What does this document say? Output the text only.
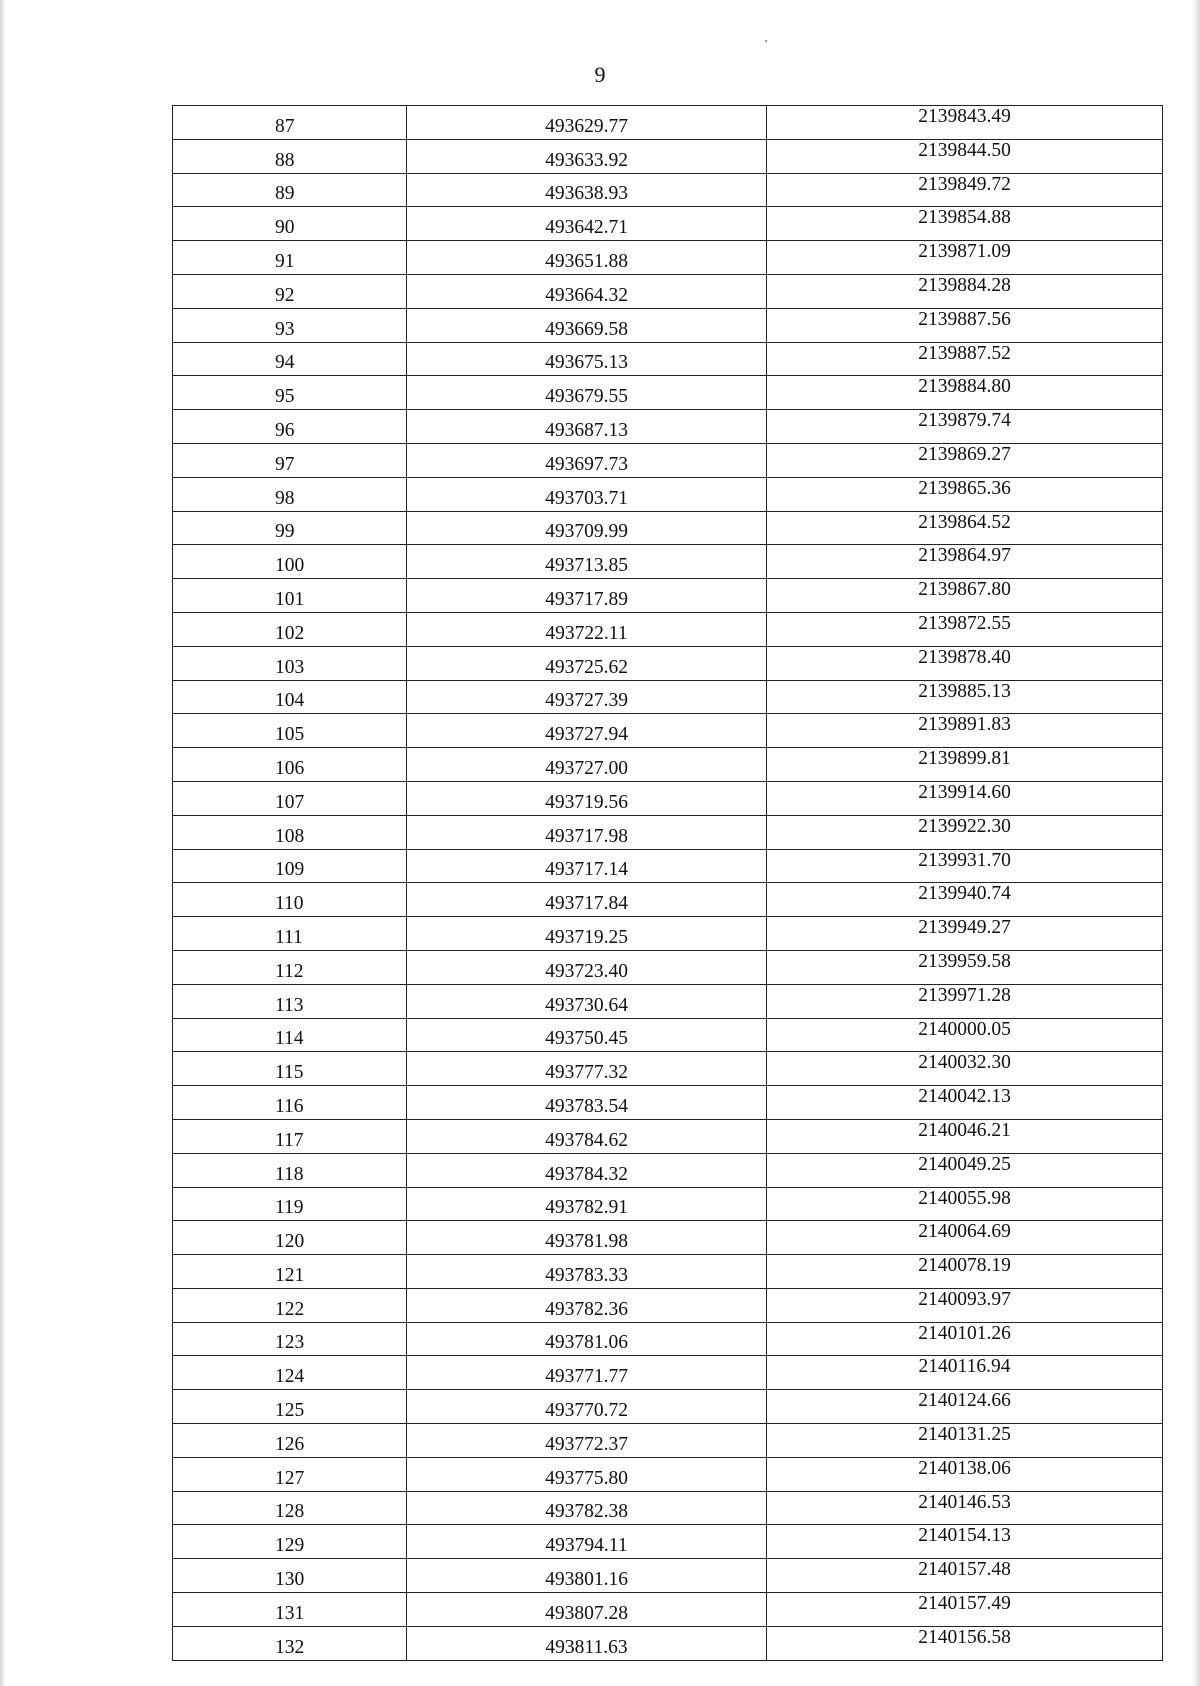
9
87	493629.77	2139843.49
88	493633.92	2139844.50
89	493638.93	2139849.72
90	493642.71	2139854.88
91	493651.88	2139871.09
92	493664.32	2139884.28
93	493669.58	2139887.56
94	493675.13	2139887.52
95	493679.55	2139884.80
96	493687.13	2139879.74
97	493697.73	2139869.27
98	493703.71	2139865.36
99	493709.99	2139864.52
100	493713.85	2139864.97
101	493717.89	2139867.80
102	493722.11	2139872.55
103	493725.62	2139878.40
104	493727.39	2139885.13
105	493727.94	2139891.83
106	493727.00	2139899.81
107	493719.56	2139914.60
108	493717.98	2139922.30
109	493717.14	2139931.70
110	493717.84	2139940.74
111	493719.25	2139949.27
112	493723.40	2139959.58
113	493730.64	2139971.28
114	493750.45	2140000.05
115	493777.32	2140032.30
116	493783.54	2140042.13
117	493784.62	2140046.21
118	493784.32	2140049.25
119	493782.91	2140055.98
120	493781.98	2140064.69
121	493783.33	2140078.19
122	493782.36	2140093.97
123	493781.06	2140101.26
124	493771.77	2140116.94
125	493770.72	2140124.66
126	493772.37	2140131.25
127	493775.80	2140138.06
128	493782.38	2140146.53
129	493794.11	2140154.13
130	493801.16	2140157.48
131	493807.28	2140157.49
132	493811.63	2140156.58
